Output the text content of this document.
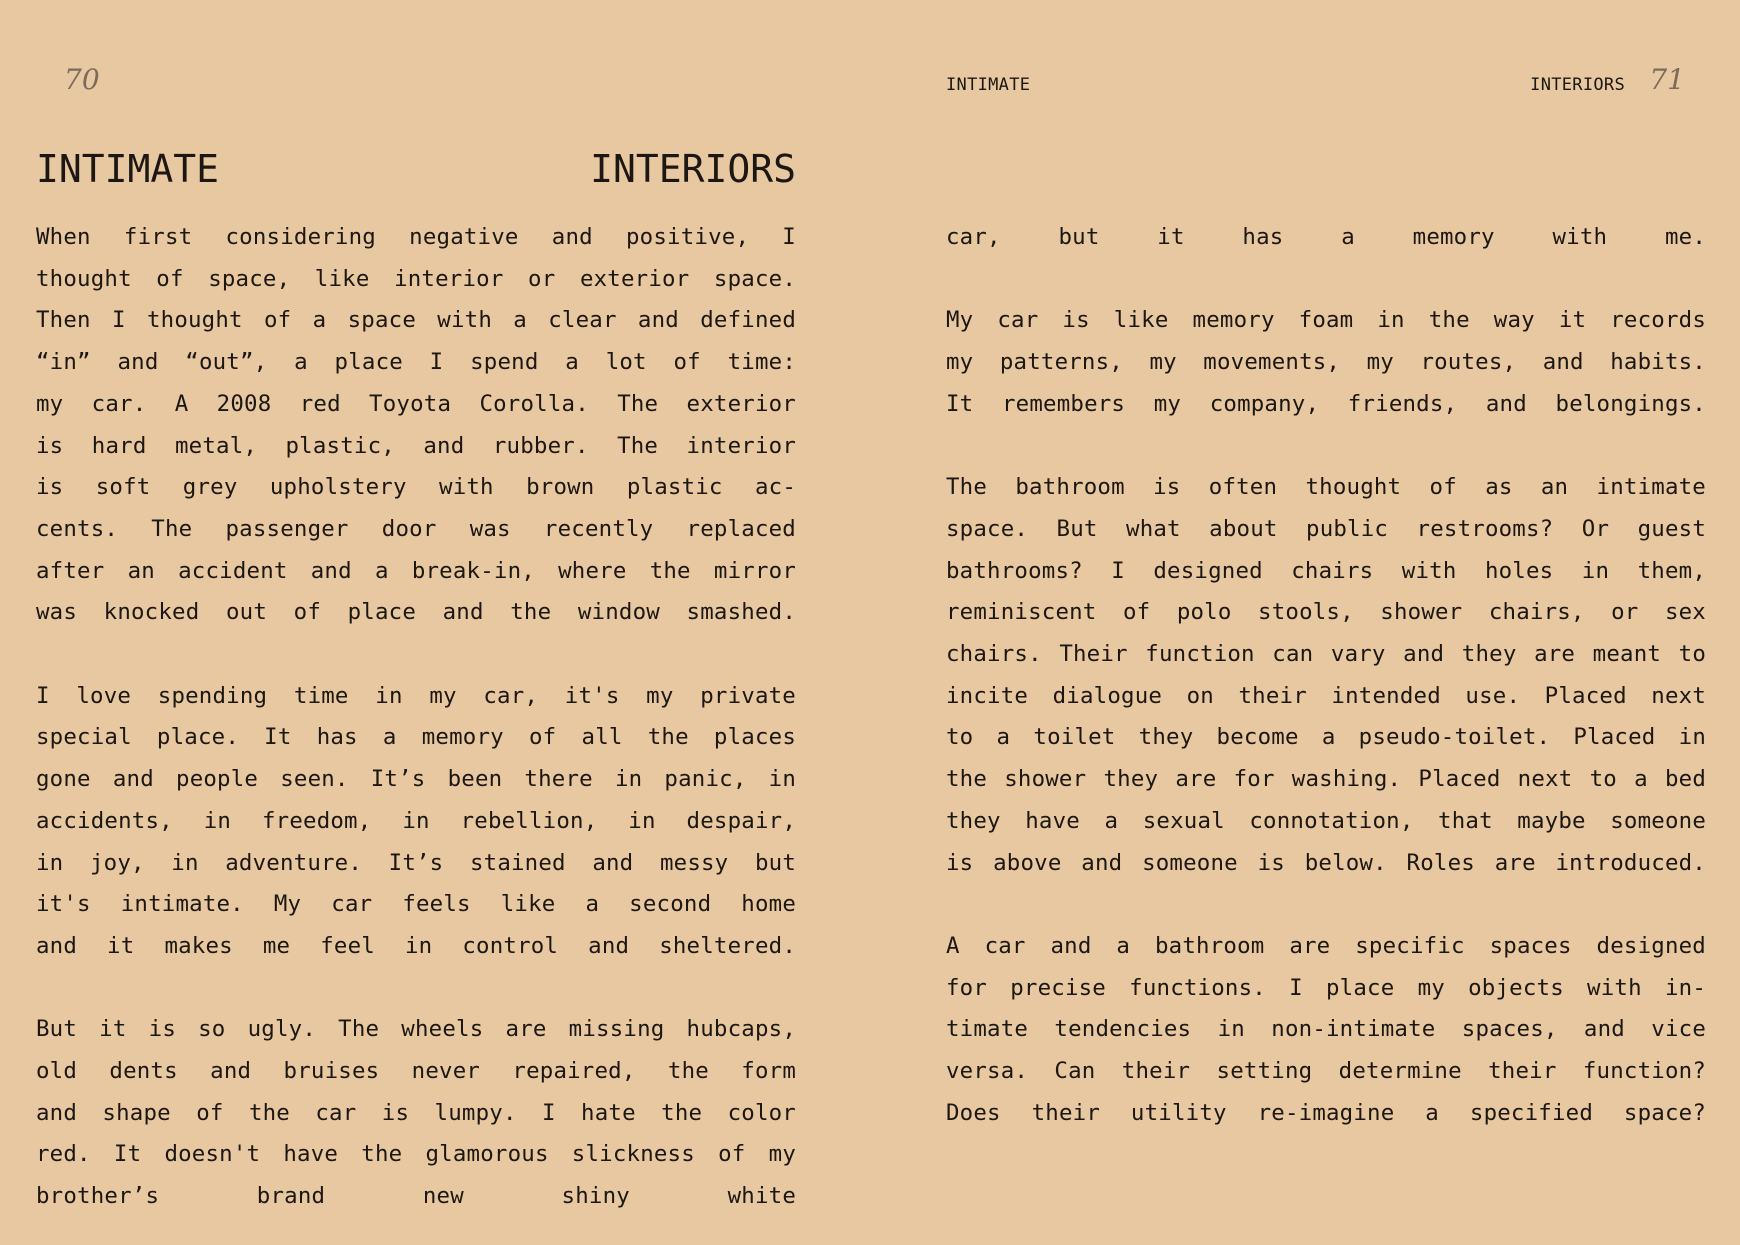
70
INTIMATE	INTERIORS
When first considering negative and positive, I
thought of space, like interior or exterior space.
Then I thought of a space with a clear and defined
“in” and “out”, a place I spend a lot of time:
my car. A 2008 red Toyota Corolla. The exterior
is hard metal, plastic, and rubber. The interior
is soft grey upholstery with brown plastic ac-
cents. The passenger door was recently replaced
after an accident and a break-in, where the mirror
was knocked out of place and the window smashed.
I love spending time in my car, it's my private
special place. It has a memory of all the places
gone and people seen. It’s been there in panic, in
accidents, in freedom, in rebellion, in despair,
in joy, in adventure. It’s stained and messy but
it's intimate. My car feels like a second home
and it makes me feel in control and sheltered.
But it is so ugly. The wheels are missing hubcaps,
old dents and bruises never repaired, the form
and shape of the car is lumpy. I hate the color
red. It doesn't have the glamorous slickness of my
brother’s brand new shiny white
INTIMATE	INTERIORS 71
car, but it has a memory with me.
My car is like memory foam in the way it records
my patterns, my movements, my routes, and habits.
It remembers my company, friends, and belongings.
The bathroom is often thought of as an intimate
space. But what about public restrooms? Or guest
bathrooms? I designed chairs with holes in them,
reminiscent of polo stools, shower chairs, or sex
chairs. Their function can vary and they are meant to
incite dialogue on their intended use. Placed next
to a toilet they become a pseudo-toilet. Placed in
the shower they are for washing. Placed next to a bed
they have a sexual connotation, that maybe someone
is above and someone is below. Roles are introduced.
A car and a bathroom are specific spaces designed
for precise functions. I place my objects with in-
timate tendencies in non-intimate spaces, and vice
versa. Can their setting determine their function?
Does their utility re-imagine a specified space?
